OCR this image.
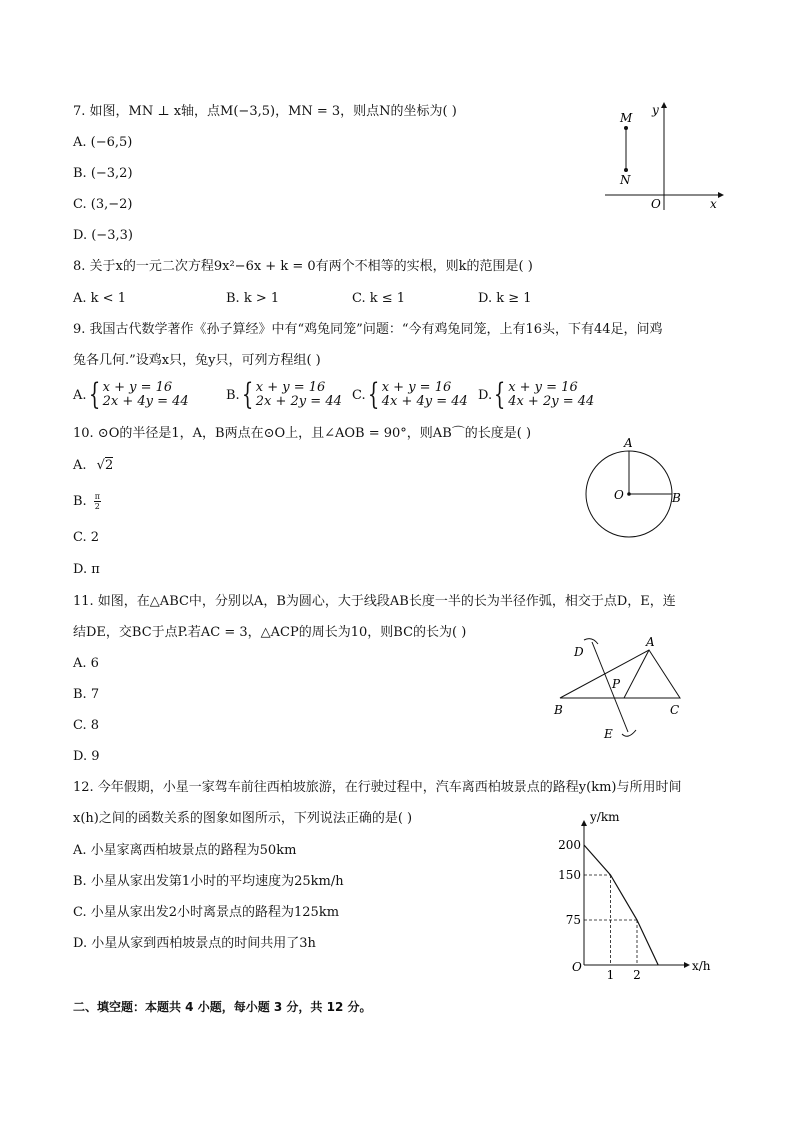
7. 如图，MN ⊥ x轴，点M(−3,5)，MN = 3，则点N的坐标为( )
A. (−6,5)
B. (−3,2)
C. (3,−2)
D. (−3,3)
M
N
O	x
y
8. 关于x的一元二次方程9x²−6x + k = 0有两个不相等的实根，则k的范围是( )
A. k < 1	B. k > 1	C. k ≤ 1	D. k ≥ 1
9. 我国古代数学著作《孙子算经》中有“鸡兔同笼”问题：“今有鸡兔同笼，上有16头，下有44足，问鸡
兔各几何.”设鸡x只，兔y只，可列方程组( )
A. { x + y = 16
2x + 4y = 44	B. { x + y = 16
2x + 2y = 44 C. { x + y = 16
4x + 4y = 44 D. { x + y = 16
4x + 2y = 44
10. ⊙O的半径是1，A，B两点在⊙O上，且∠AOB = 90°，则AB⌒的长度是( )
A. √2
B. $\frac{\pi}{2}$
C. 2
D. π
A
O	B
11. 如图，在△ABC中，分别以A，B为圆心，大于线段AB长度一半的长为半径作弧，相交于点D，E，连
结DE，交BC于点P.若AC = 3，△ACP的周长为10，则BC的长为( )
A. 6
B. 7
C. 8
D. 9
D
A
P
B	C
E
12. 今年假期，小星一家驾车前往西柏坡旅游，在行驶过程中，汽车离西柏坡景点的路程y(km)与所用时间
x(h)之间的函数关系的图象如图所示，下列说法正确的是( )
A. 小星家离西柏坡景点的路程为50km
B. 小星从家出发第1小时的平均速度为25km/h
C. 小星从家出发2小时离景点的路程为125km
D. 小星从家到西柏坡景点的时间共用了3h
y/km
x/h
O
200
150
75
1 2
二、填空题：本题共 4 小题，每小题 3 分，共 12 分。
